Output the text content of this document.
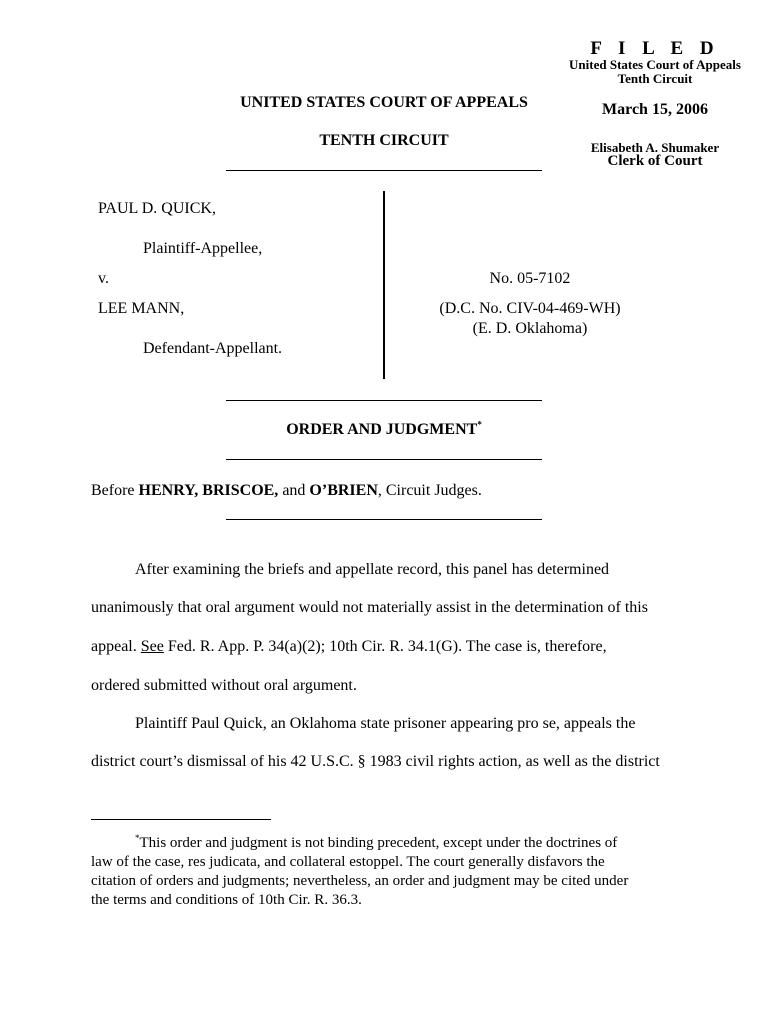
F I L E D
United States Court of Appeals
Tenth Circuit
March 15, 2006
Elisabeth A. Shumaker
Clerk of Court
UNITED STATES COURT OF APPEALS
TENTH CIRCUIT
PAUL D. QUICK,
Plaintiff-Appellee,
v.
LEE MANN,
Defendant-Appellant.
No. 05-7102
(D.C. No. CIV-04-469-WH)
(E. D. Oklahoma)
ORDER AND JUDGMENT*
Before HENRY, BRISCOE, and O’BRIEN, Circuit Judges.
After examining the briefs and appellate record, this panel has determined
unanimously that oral argument would not materially assist in the determination of this
appeal. See Fed. R. App. P. 34(a)(2); 10th Cir. R. 34.1(G). The case is, therefore,
ordered submitted without oral argument.
Plaintiff Paul Quick, an Oklahoma state prisoner appearing pro se, appeals the
district court’s dismissal of his 42 U.S.C. § 1983 civil rights action, as well as the district
*This order and judgment is not binding precedent, except under the doctrines of
law of the case, res judicata, and collateral estoppel. The court generally disfavors the
citation of orders and judgments; nevertheless, an order and judgment may be cited under
the terms and conditions of 10th Cir. R. 36.3.
